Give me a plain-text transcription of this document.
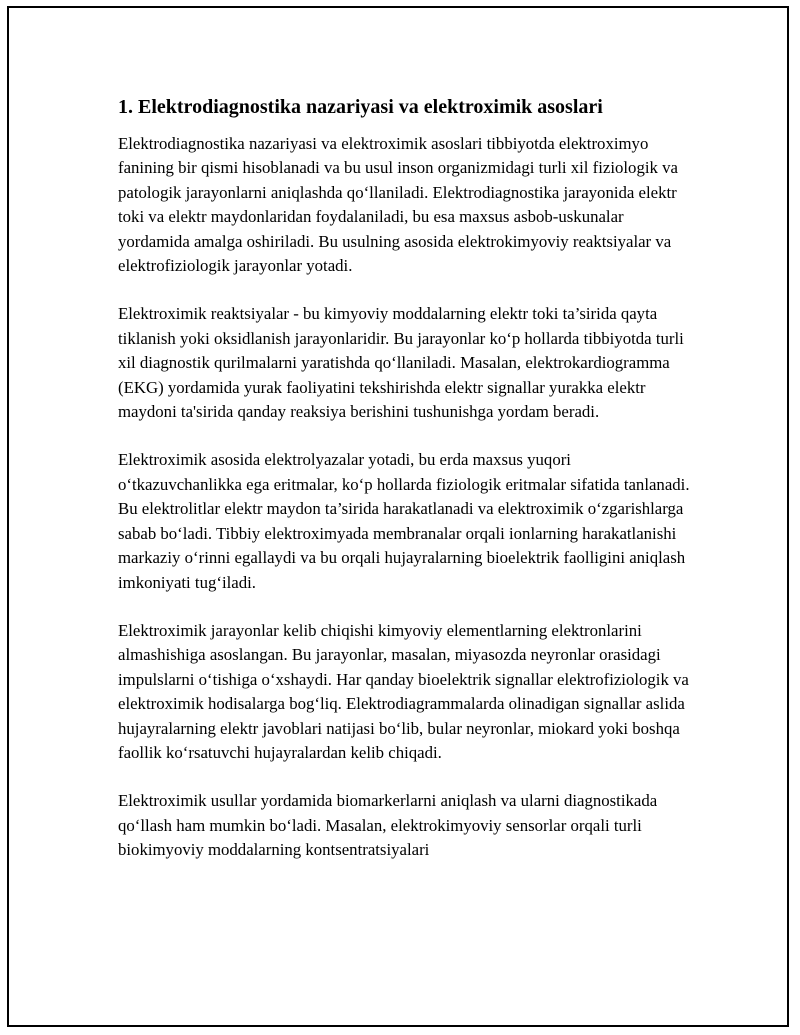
1. Elektrodiagnostika nazariyasi va elektroximik asoslari

Elektrodiagnostika nazariyasi va elektroximik asoslari tibbiyotda elektroximyo fanining bir qismi hisoblanadi va bu usul inson organizmidagi turli xil fiziologik va patologik jarayonlarni aniqlashda qo‘llaniladi. Elektrodiagnostika jarayonida elektr toki va elektr maydonlaridan foydalaniladi, bu esa maxsus asbob-uskunalar yordamida amalga oshiriladi. Bu usulning asosida elektrokimyoviy reaktsiyalar va elektrofiziologik jarayonlar yotadi.

Elektroximik reaktsiyalar - bu kimyoviy moddalarning elektr toki ta’sirida qayta tiklanish yoki oksidlanish jarayonlaridir. Bu jarayonlar ko‘p hollarda tibbiyotda turli xil diagnostik qurilmalarni yaratishda qo‘llaniladi. Masalan, elektrokardiogramma (EKG) yordamida yurak faoliyatini tekshirishda elektr signallar yurakka elektr maydoni ta'sirida qanday reaksiya berishini tushunishga yordam beradi.

Elektroximik asosida elektrolyazalar yotadi, bu erda maxsus yuqori o‘tkazuvchanlikka ega eritmalar, ko‘p hollarda fiziologik eritmalar sifatida tanlanadi. Bu elektrolitlar elektr maydon ta’sirida harakatlanadi va elektroximik o‘zgarishlarga sabab bo‘ladi. Tibbiy elektroximyada membranalar orqali ionlarning harakatlanishi markaziy o‘rinni egallaydi va bu orqali hujayralarning bioelektrik faolligini aniqlash imkoniyati tug‘iladi.

Elektroximik jarayonlar kelib chiqishi kimyoviy elementlarning elektronlarini almashishiga asoslangan. Bu jarayonlar, masalan, miyasozda neyronlar orasidagi impulslarni o‘tishiga o‘xshaydi. Har qanday bioelektrik signallar elektrofiziologik va elektroximik hodisalarga bog‘liq. Elektrodiagrammalarda olinadigan signallar aslida hujayralarning elektr javoblari natijasi bo‘lib, bular neyronlar, miokard yoki boshqa faollik ko‘rsatuvchi hujayralardan kelib chiqadi.

Elektroximik usullar yordamida biomarkerlarni aniqlash va ularni diagnostikada qo‘llash ham mumkin bo‘ladi. Masalan, elektrokimyoviy sensorlar orqali turli biokimyoviy moddalarning kontsentratsiyalari
